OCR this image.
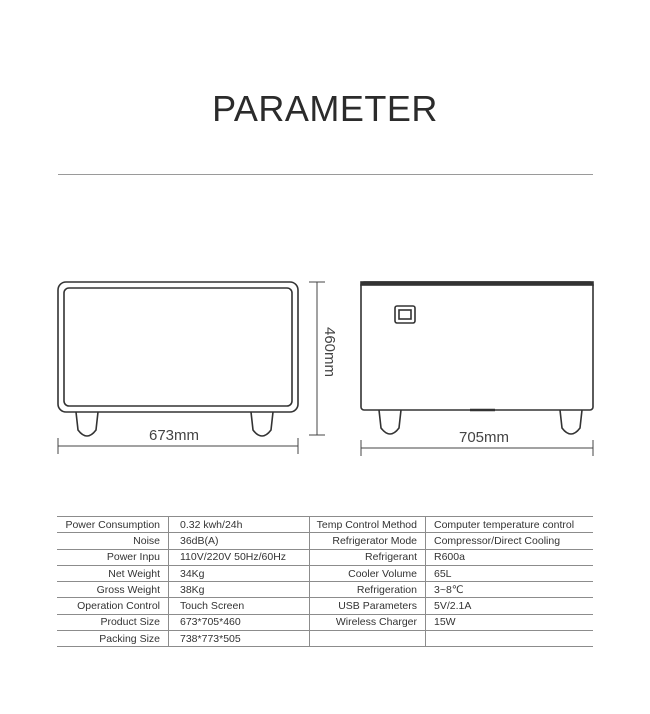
PARAMETER
673mm
460mm
705mm
Power Consumption	0.32 kwh/24h	Temp Control Method	Computer temperature control
Noise	36dB(A)	Refrigerator Mode	Compressor/Direct Cooling
Power Inpu	110V/220V 50Hz/60Hz	Refrigerant	R600a
Net Weight	34Kg	Cooler Volume	65L
Gross Weight	38Kg	Refrigeration	3~8℃
Operation Control	Touch Screen	USB Parameters	5V/2.1A
Product Size	673*705*460	Wireless Charger	15W
Packing Size	738*773*505		
